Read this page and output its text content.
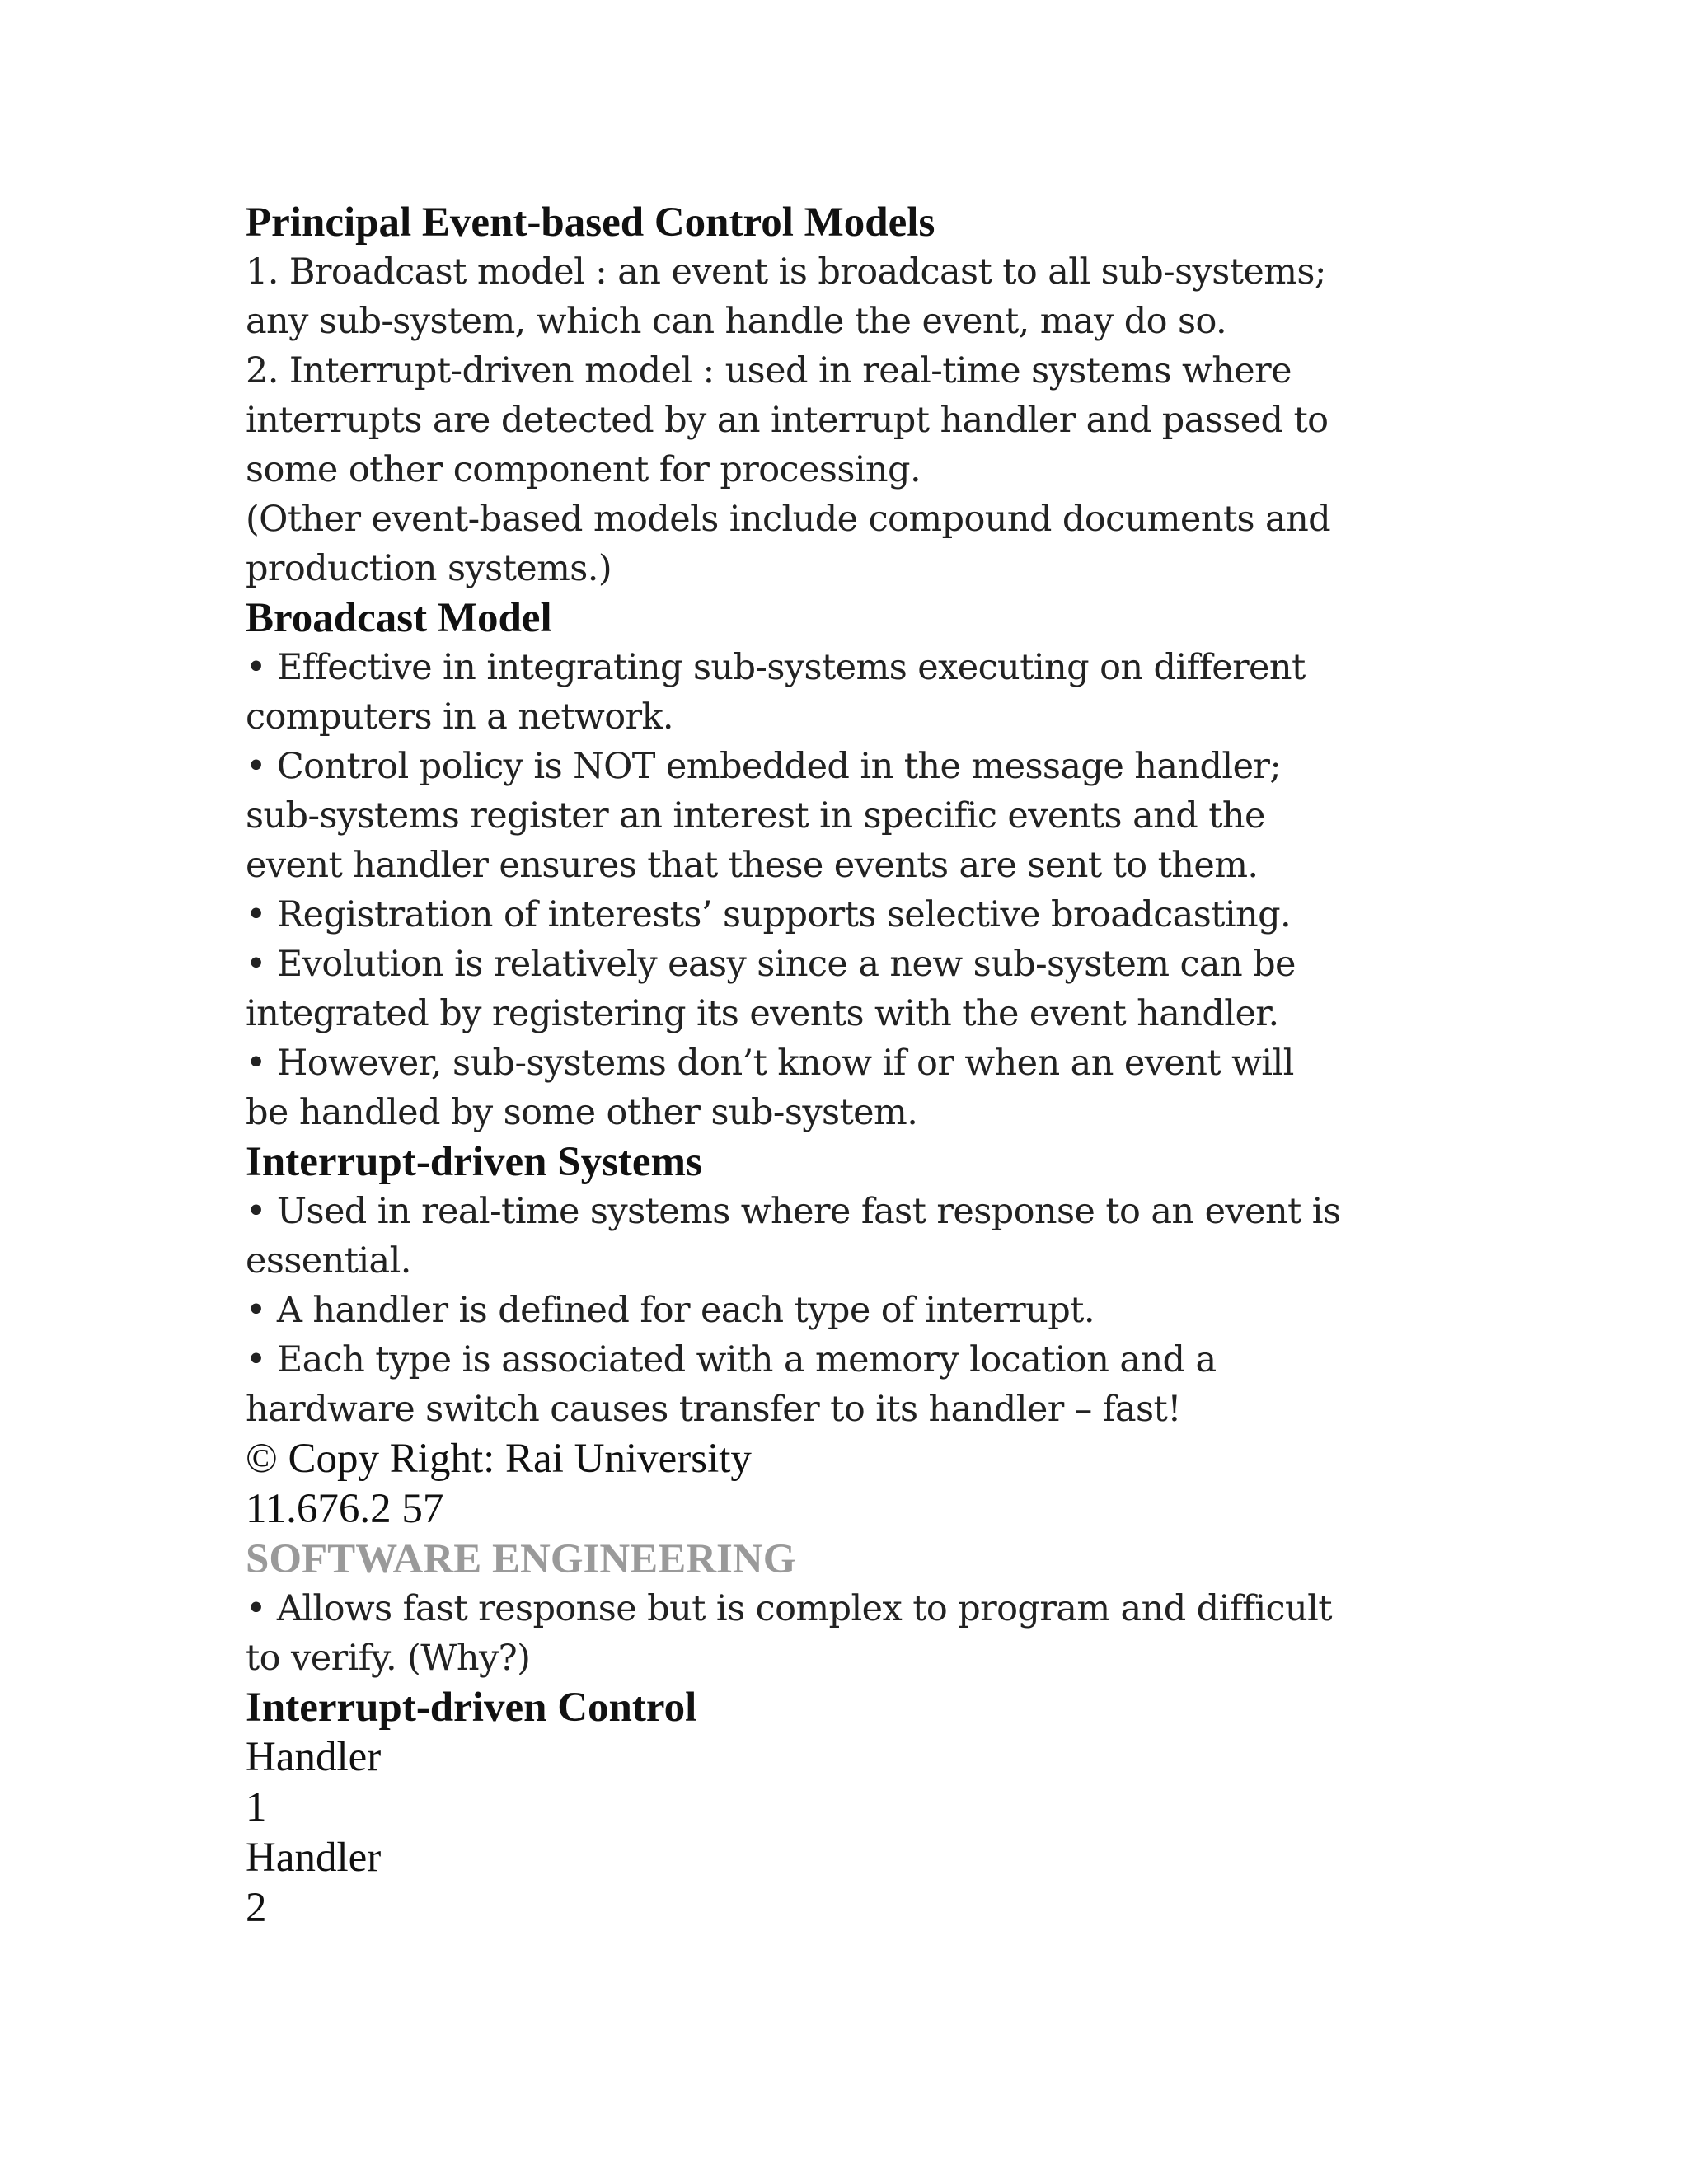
Principal Event-based Control Models
1. Broadcast model : an event is broadcast to all sub-systems;
any sub-system, which can handle the event, may do so.
2. Interrupt-driven model : used in real-time systems where
interrupts are detected by an interrupt handler and passed to
some other component for processing.
(Other event-based models include compound documents and
production systems.)
Broadcast Model
• Effective in integrating sub-systems executing on different
computers in a network.
• Control policy is NOT embedded in the message handler;
sub-systems register an interest in specific events and the
event handler ensures that these events are sent to them.
• Registration of interests’ supports selective broadcasting.
• Evolution is relatively easy since a new sub-system can be
integrated by registering its events with the event handler.
• However, sub-systems don’t know if or when an event will
be handled by some other sub-system.
Interrupt-driven Systems
• Used in real-time systems where fast response to an event is
essential.
• A handler is defined for each type of interrupt.
• Each type is associated with a memory location and a
hardware switch causes transfer to its handler – fast!
© Copy Right: Rai University
11.676.2 57
SOFTWARE ENGINEERING
• Allows fast response but is complex to program and difficult
to verify. (Why?)
Interrupt-driven Control
Handler
1
Handler
2
